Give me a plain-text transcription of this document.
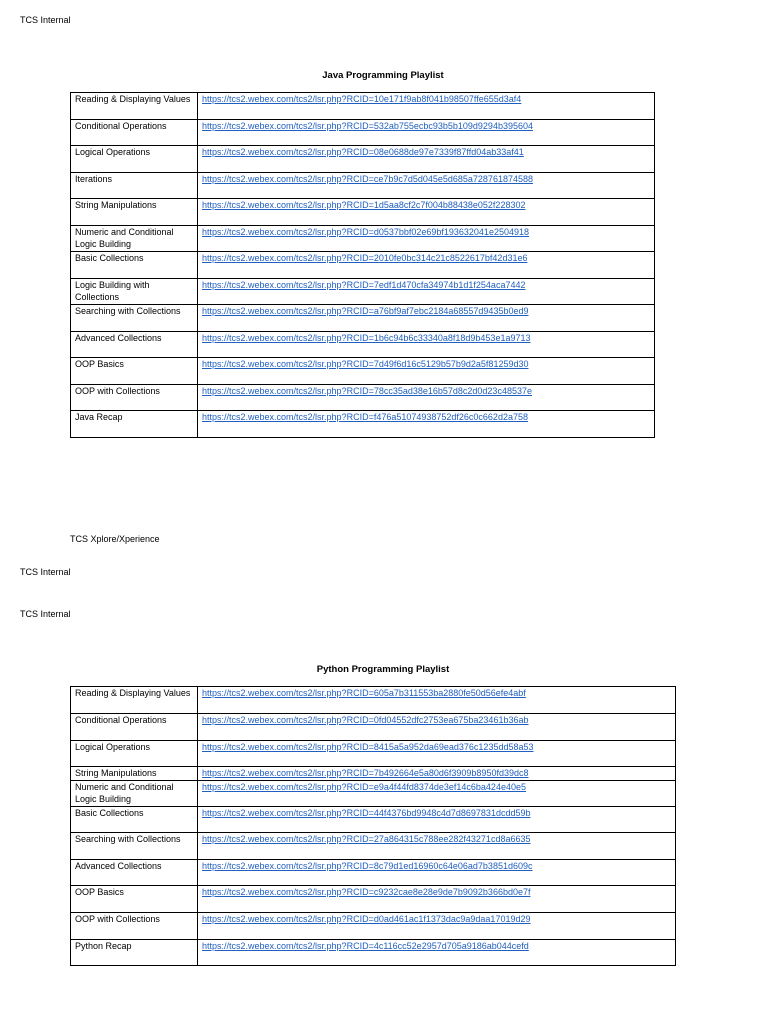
TCS Internal
Java Programming Playlist
Reading & Displaying Values	https://tcs2.webex.com/tcs2/lsr.php?RCID=10e171f9ab8f041b98507ffe655d3af4
Conditional Operations	https://tcs2.webex.com/tcs2/lsr.php?RCID=532ab755ecbc93b5b109d9294b395604
Logical Operations	https://tcs2.webex.com/tcs2/lsr.php?RCID=08e0688de97e7339f87ffd04ab33af41
Iterations	https://tcs2.webex.com/tcs2/lsr.php?RCID=ce7b9c7d5d045e5d685a728761874588
String Manipulations	https://tcs2.webex.com/tcs2/lsr.php?RCID=1d5aa8cf2c7f004b88438e052f228302
Numeric and Conditional Logic Building	https://tcs2.webex.com/tcs2/lsr.php?RCID=d0537bbf02e69bf193632041e2504918
Basic Collections	https://tcs2.webex.com/tcs2/lsr.php?RCID=2010fe0bc314c21c8522617bf42d31e6
Logic Building with Collections	https://tcs2.webex.com/tcs2/lsr.php?RCID=7edf1d470cfa34974b1d1f254aca7442
Searching with Collections	https://tcs2.webex.com/tcs2/lsr.php?RCID=a76bf9af7ebc2184a68557d9435b0ed9
Advanced Collections	https://tcs2.webex.com/tcs2/lsr.php?RCID=1b6c94b6c33340a8f18d9b453e1a9713
OOP Basics	https://tcs2.webex.com/tcs2/lsr.php?RCID=7d49f6d16c5129b57b9d2a5f81259d30
OOP with Collections	https://tcs2.webex.com/tcs2/lsr.php?RCID=78cc35ad38e16b57d8c2d0d23c48537e
Java Recap	https://tcs2.webex.com/tcs2/lsr.php?RCID=f476a51074938752df26c0c662d2a758
TCS Xplore/Xperience
TCS Internal
TCS Internal
Python Programming Playlist
Reading & Displaying Values	https://tcs2.webex.com/tcs2/lsr.php?RCID=605a7b311553ba2880fe50d56efe4abf
Conditional Operations	https://tcs2.webex.com/tcs2/lsr.php?RCID=0fd04552dfc2753ea675ba23461b36ab
Logical Operations	https://tcs2.webex.com/tcs2/lsr.php?RCID=8415a5a952da69ead376c1235dd58a53
String Manipulations	https://tcs2.webex.com/tcs2/lsr.php?RCID=7b492664e5a80d6f3909b8950fd39dc8
Numeric and Conditional Logic Building	https://tcs2.webex.com/tcs2/lsr.php?RCID=e9a4f44fd8374de3ef14c6ba424e40e5
Basic Collections	https://tcs2.webex.com/tcs2/lsr.php?RCID=44f4376bd9948c4d7d8697831dcdd59b
Searching with Collections	https://tcs2.webex.com/tcs2/lsr.php?RCID=27a864315c788ee282f43271cd8a6635
Advanced Collections	https://tcs2.webex.com/tcs2/lsr.php?RCID=8c79d1ed16960c64e06ad7b3851d609c
OOP Basics	https://tcs2.webex.com/tcs2/lsr.php?RCID=c9232cae8e28e9de7b9092b366bd0e7f
OOP with Collections	https://tcs2.webex.com/tcs2/lsr.php?RCID=d0ad461ac1f1373dac9a9daa17019d29
Python Recap	https://tcs2.webex.com/tcs2/lsr.php?RCID=4c116cc52e2957d705a9186ab044cefd
